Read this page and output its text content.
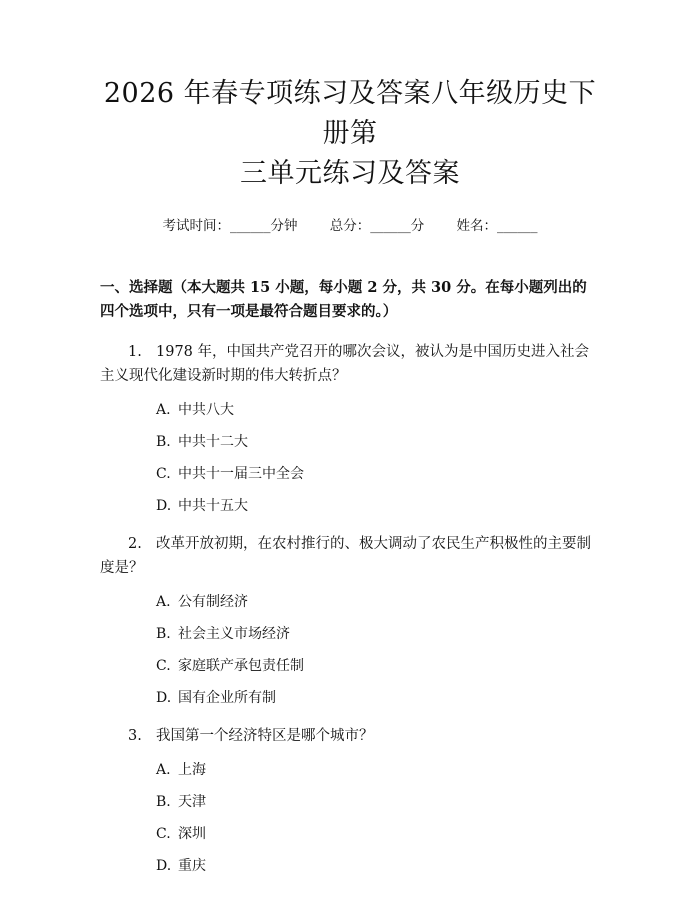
2026 年春专项练习及答案八年级历史下册第
三单元练习及答案
考试时间：______分钟 总分：______分 姓名：______
一、选择题（本大题共 15 小题，每小题 2 分，共 30 分。在每小题列出的四个选项中，只有一项是最符合题目要求的。）
1. 1978 年，中国共产党召开的哪次会议，被认为是中国历史进入社会主义现代化建设新时期的伟大转折点？
A. 中共八大
B. 中共十二大
C. 中共十一届三中全会
D. 中共十五大
2. 改革开放初期，在农村推行的、极大调动了农民生产积极性的主要制度是？
A. 公有制经济
B. 社会主义市场经济
C. 家庭联产承包责任制
D. 国有企业所有制
3. 我国第一个经济特区是哪个城市？
A. 上海
B. 天津
C. 深圳
D. 重庆
